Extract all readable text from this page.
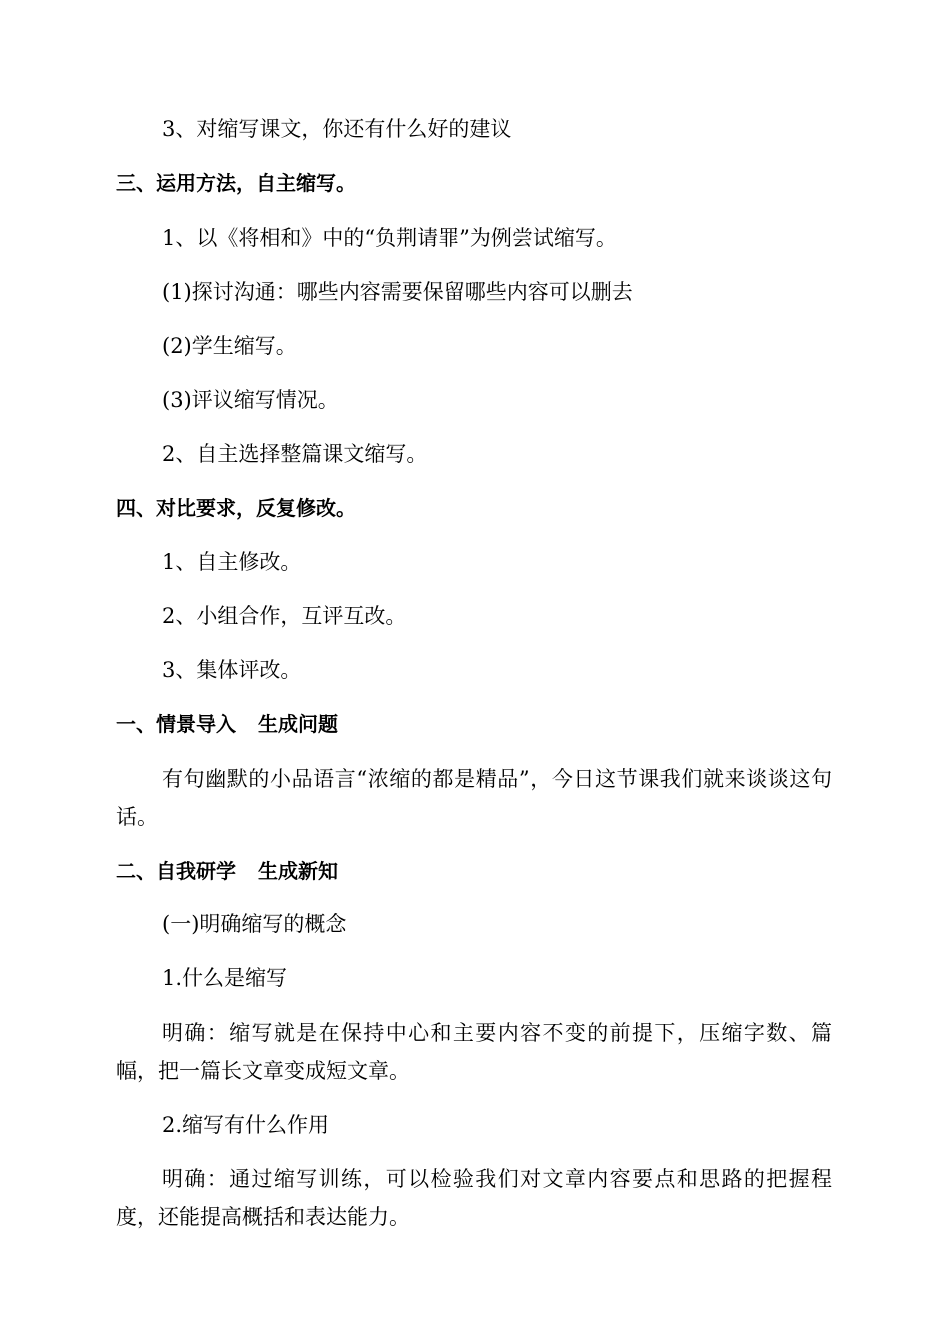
3、对缩写课文，你还有什么好的建议
三、运用方法，自主缩写。
1、以《将相和》中的“负荆请罪”为例尝试缩写。
(1)探讨沟通：哪些内容需要保留哪些内容可以删去
(2)学生缩写。
(3)评议缩写情况。
2、自主选择整篇课文缩写。
四、对比要求，反复修改。
1、自主修改。
2、小组合作，互评互改。
3、集体评改。
一、情景导入 生成问题
有句幽默的小品语言“浓缩的都是精品”，今日这节课我们就来谈谈这句话。
二、自我研学 生成新知
(一)明确缩写的概念
1.什么是缩写
明确：缩写就是在保持中心和主要内容不变的前提下，压缩字数、篇幅，把一篇长文章变成短文章。
2.缩写有什么作用
明确：通过缩写训练，可以检验我们对文章内容要点和思路的把握程度，还能提高概括和表达能力。
